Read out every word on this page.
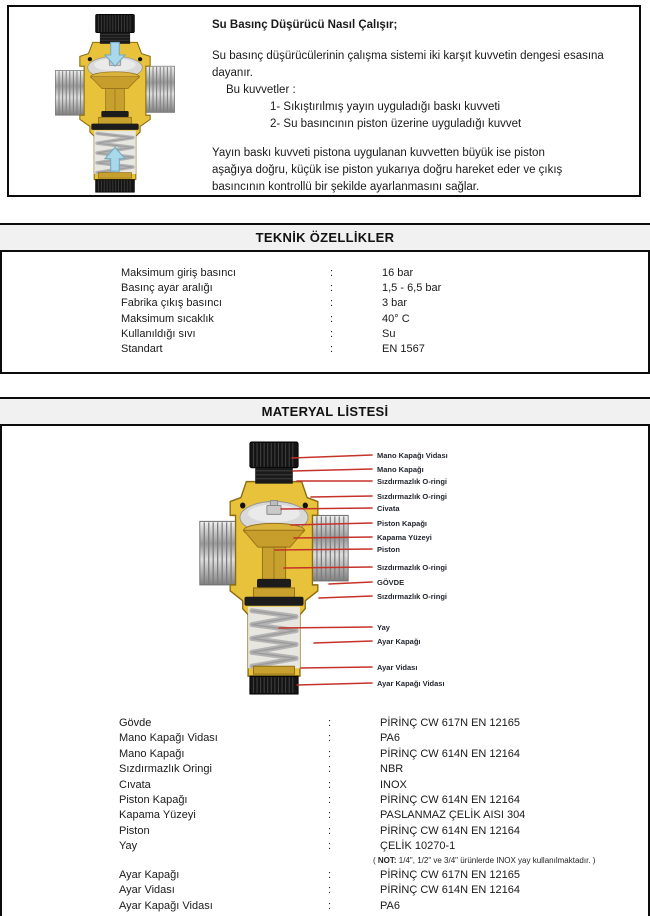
Su Basınç Düşürücü Nasıl Çalışır;
Su basınç düşürücülerinin çalışma sistemi iki karşıt kuvvetin dengesi esasına dayanır.
Bu kuvvetler :
1- Sıkıştırılmış yayın uyguladığı baskı kuvveti
2- Su basıncının piston üzerine uyguladığı kuvvet
Yayın baskı kuvveti pistona uygulanan kuvvetten büyük ise piston aşağıya doğru, küçük ise piston yukarıya doğru hareket eder ve çıkış basıncının kontrollü bir şekilde ayarlanmasını sağlar.
TEKNİK ÖZELLİKLER
Maksimum giriş basıncı	:	16 bar
Basınç ayar aralığı	:	1,5 - 6,5 bar
Fabrika çıkış basıncı	:	3 bar
Maksimum sıcaklık	:	40° C
Kullanıldığı sıvı	:	Su
Standart	:	EN 1567
MATERYAL LİSTESİ
Mano Kapağı Vidası
Mano Kapağı
Sızdırmazlık O-ringi
Sızdırmazlık O-ringi
Civata
Piston Kapağı
Kapama Yüzeyi
Piston
Sızdırmazlık O-ringi
GÖVDE
Sızdırmazlık O-ringi
Yay
Ayar Kapağı
Ayar Vidası
Ayar Kapağı Vidası
Gövde	:	PİRİNÇ CW 617N EN 12165
Mano Kapağı Vidası	:	PA6
Mano Kapağı	:	PİRİNÇ CW 614N EN 12164
Sızdırmazlık Oringi	:	NBR
Cıvata	:	INOX
Piston Kapağı	:	PİRİNÇ CW 614N EN 12164
Kapama Yüzeyi	:	PASLANMAZ ÇELİK AISI 304
Piston	:	PİRİNÇ CW 614N EN 12164
Yay	:	ÇELİK 10270-1
( NOT: 1/4", 1/2" ve 3/4" ürünlerde INOX yay kullanılmaktadır. )
Ayar Kapağı	:	PİRİNÇ CW 617N EN 12165
Ayar Vidası	:	PİRİNÇ CW 614N EN 12164
Ayar Kapağı Vidası	:	PA6
